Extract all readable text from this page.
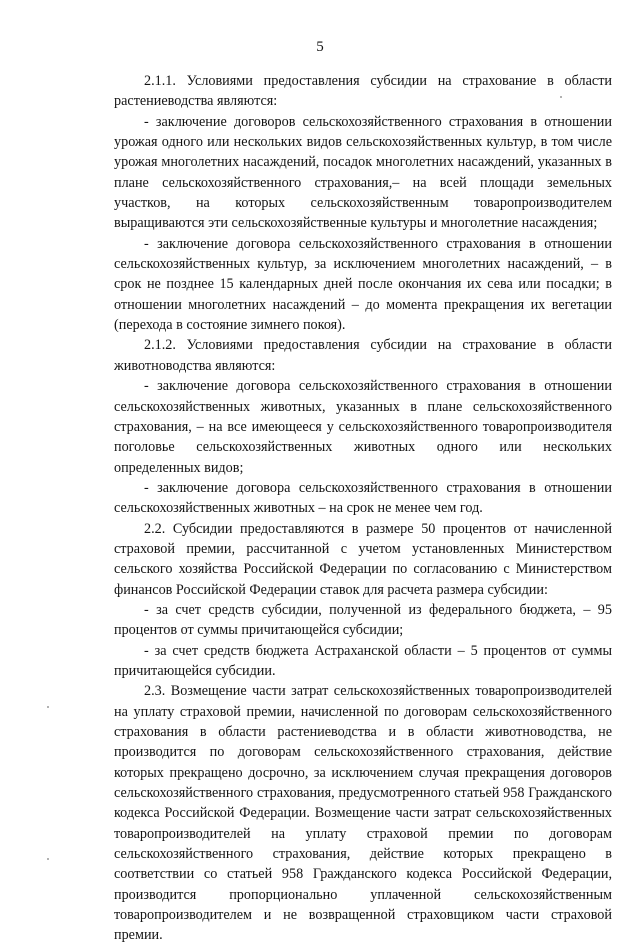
5

2.1.1. Условиями предоставления субсидии на страхование в области растениеводства являются:

- заключение договоров сельскохозяйственного страхования в отношении урожая одного или нескольких видов сельскохозяйственных культур, в том числе урожая многолетних насаждений, посадок многолетних насаждений, указанных в плане сельскохозяйственного страхования,– на всей площади земельных участков, на которых сельскохозяйственным товаропроизводителем выращиваются эти сельскохозяйственные культуры и многолетние насаждения;

- заключение договора сельскохозяйственного страхования в отношении сельскохозяйственных культур, за исключением многолетних насаждений, – в срок не позднее 15 календарных дней после окончания их сева или посадки; в отношении многолетних насаждений – до момента прекращения их вегетации (перехода в состояние зимнего покоя).

2.1.2. Условиями предоставления субсидии на страхование в области животноводства являются:

- заключение договора сельскохозяйственного страхования в отношении сельскохозяйственных животных, указанных в плане сельскохозяйственного страхования, – на все имеющееся у сельскохозяйственного товаропроизводителя поголовье сельскохозяйственных животных одного или нескольких определенных видов;

- заключение договора сельскохозяйственного страхования в отношении сельскохозяйственных животных – на срок не менее чем год.

2.2. Субсидии предоставляются в размере 50 процентов от начисленной страховой премии, рассчитанной с учетом установленных Министерством сельского хозяйства Российской Федерации по согласованию с Министерством финансов Российской Федерации ставок для расчета размера субсидии:

- за счет средств субсидии, полученной из федерального бюджета, – 95 процентов от суммы причитающейся субсидии;

- за счет средств бюджета Астраханской области – 5 процентов от суммы причитающейся субсидии.

2.3. Возмещение части затрат сельскохозяйственных товаропроизводителей на уплату страховой премии, начисленной по договорам сельскохозяйственного страхования в области растениеводства и в области животноводства, не производится по договорам сельскохозяйственного страхования, действие которых прекращено досрочно, за исключением случая прекращения договоров сельскохозяйственного страхования, предусмотренного статьей 958 Гражданского кодекса Российской Федерации. Возмещение части затрат сельскохозяйственных товаропроизводителей на уплату страховой премии по договорам сельскохозяйственного страхования, действие которых прекращено в соответствии со статьей 958 Гражданского кодекса Российской Федерации, производится пропорционально уплаченной сельскохозяйственным товаропроизводителем и не возвращенной страховщиком части страховой премии.
